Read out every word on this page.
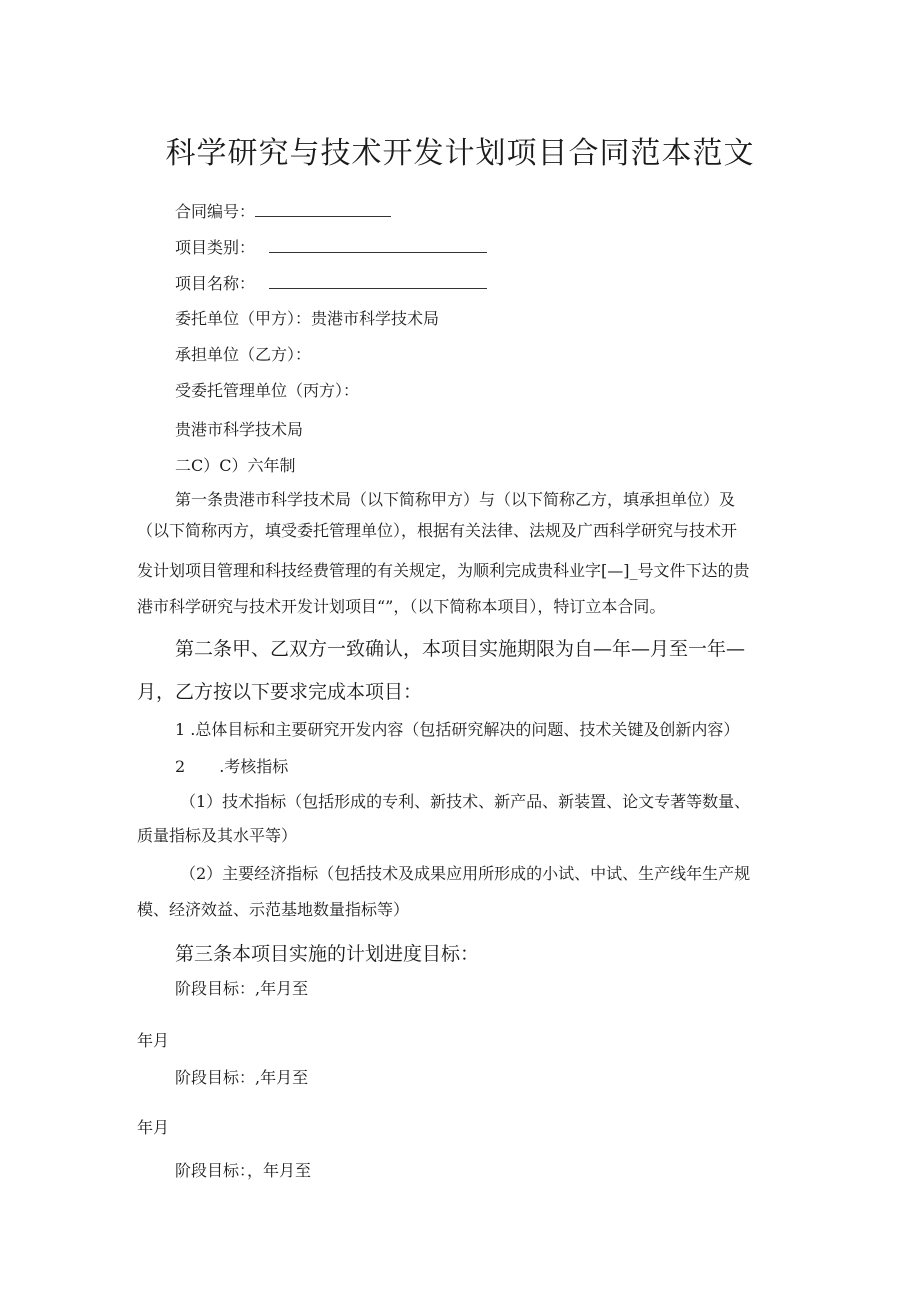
科学研究与技术开发计划项目合同范本范文
合同编号：
项目类别：
项目名称：
委托单位（甲方）：贵港市科学技术局
承担单位（乙方）：
受委托管理单位（丙方）：
贵港市科学技术局
二C）C）六年制
第一条贵港市科学技术局（以下简称甲方）与（以下简称乙方，填承担单位）及
（以下简称丙方，填受委托管理单位），根据有关法律、法规及广西科学研究与技术开
发计划项目管理和科技经费管理的有关规定，为顺利完成贵科业字[—]_号文件下达的贵
港市科学研究与技术开发计划项目“”，（以下简称本项目），特订立本合同。
第二条甲、乙双方一致确认，本项目实施期限为自—年—月至一年—
月，乙方按以下要求完成本项目：
1 .总体目标和主要研究开发内容（包括研究解决的问题、技术关键及创新内容）
2 .考核指标
（1）技术指标（包括形成的专利、新技术、新产品、新装置、论文专著等数量、
质量指标及其水平等）
（2）主要经济指标（包括技术及成果应用所形成的小试、中试、生产线年生产规
模、经济效益、示范基地数量指标等）
第三条本项目实施的计划进度目标：
阶段目标：,年月至
年月
阶段目标：,年月至
年月
阶段目标：，年月至
